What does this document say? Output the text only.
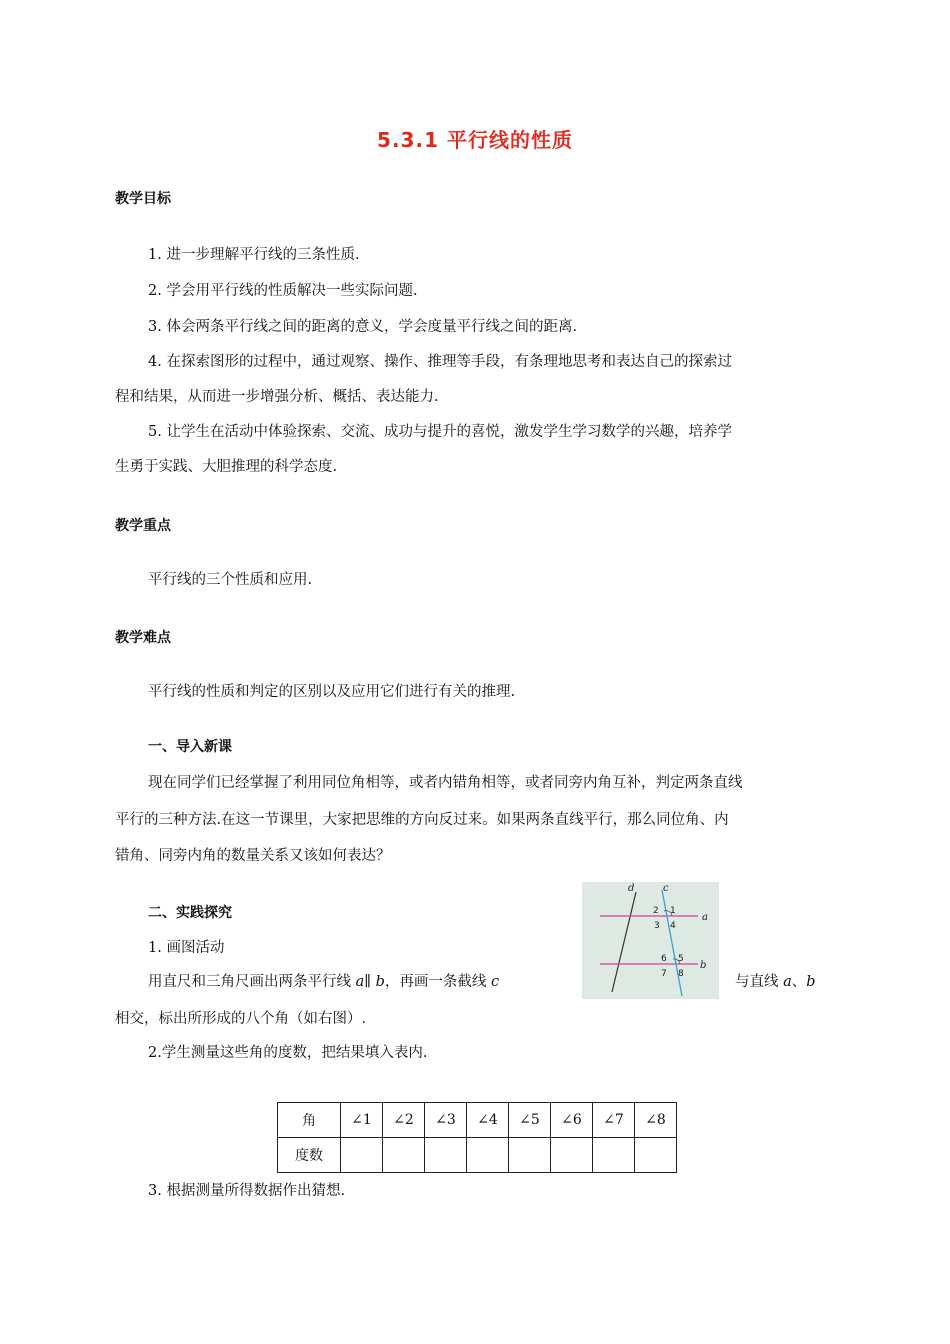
5.3.1 平行线的性质
教学目标
1. 进一步理解平行线的三条性质.
2. 学会用平行线的性质解决一些实际问题.
3. 体会两条平行线之间的距离的意义，学会度量平行线之间的距离.
4. 在探索图形的过程中，通过观察、操作、推理等手段，有条理地思考和表达自己的探索过
程和结果，从而进一步增强分析、概括、表达能力.
5. 让学生在活动中体验探索、交流、成功与提升的喜悦，激发学生学习数学的兴趣，培养学
生勇于实践、大胆推理的科学态度.
教学重点
平行线的三个性质和应用.
教学难点
平行线的性质和判定的区别以及应用它们进行有关的推理.
一、导入新课
现在同学们已经掌握了利用同位角相等，或者内错角相等，或者同旁内角互补，判定两条直线
平行的三种方法.在这一节课里，大家把思维的方向反过来。如果两条直线平行，那么同位角、内
错角、同旁内角的数量关系又该如何表达？
二、实践探究
1. 画图活动
用直尺和三角尺画出两条平行线 a∥ b，再画一条截线 c	与直线 a、b
相交，标出所形成的八个角（如右图）.
2.学生测量这些角的度数，把结果填入表内.
d	c
a
b
2 1
3 4
6 5
7 8
角	∠1	∠2	∠3	∠4	∠5	∠6	∠7	∠8
度数								
3. 根据测量所得数据作出猜想.
